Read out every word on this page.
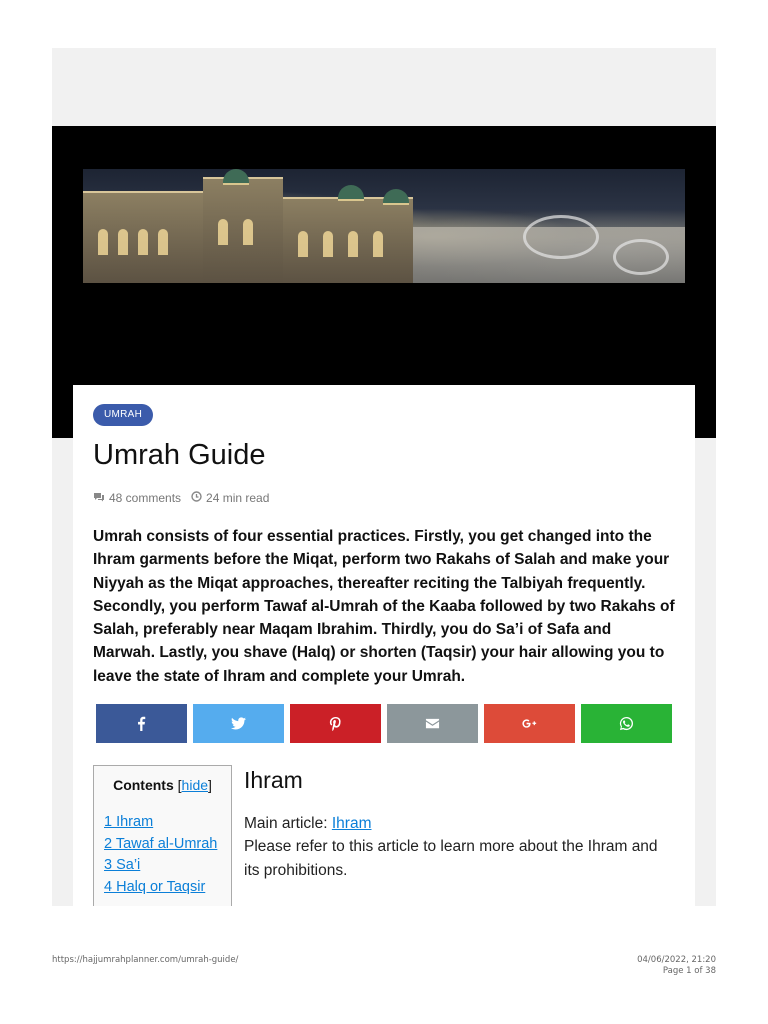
UMRAH
Umrah Guide
48 comments 24 min read

Umrah consists of four essential practices. Firstly, you get changed into the Ihram garments before the Miqat, perform two Rakahs of Salah and make your Niyyah as the Miqat approaches, thereafter reciting the Talbiyah frequently. Secondly, you perform Tawaf al-Umrah of the Kaaba followed by two Rakahs of Salah, preferably near Maqam Ibrahim. Thirdly, you do Sa’i of Safa and Marwah. Lastly, you shave (Halq) or shorten (Taqsir) your hair allowing you to leave the state of Ihram and complete your Umrah.

Contents [hide]
1 Ihram
2 Tawaf al-Umrah
3 Sa’i
4 Halq or Taqsir
Ihram
Main article: Ihram
Please refer to this article to learn more about the Ihram and its prohibitions.
https://hajjumrahplanner.com/umrah-guide/	04/06/2022, 21:20
Page 1 of 38
